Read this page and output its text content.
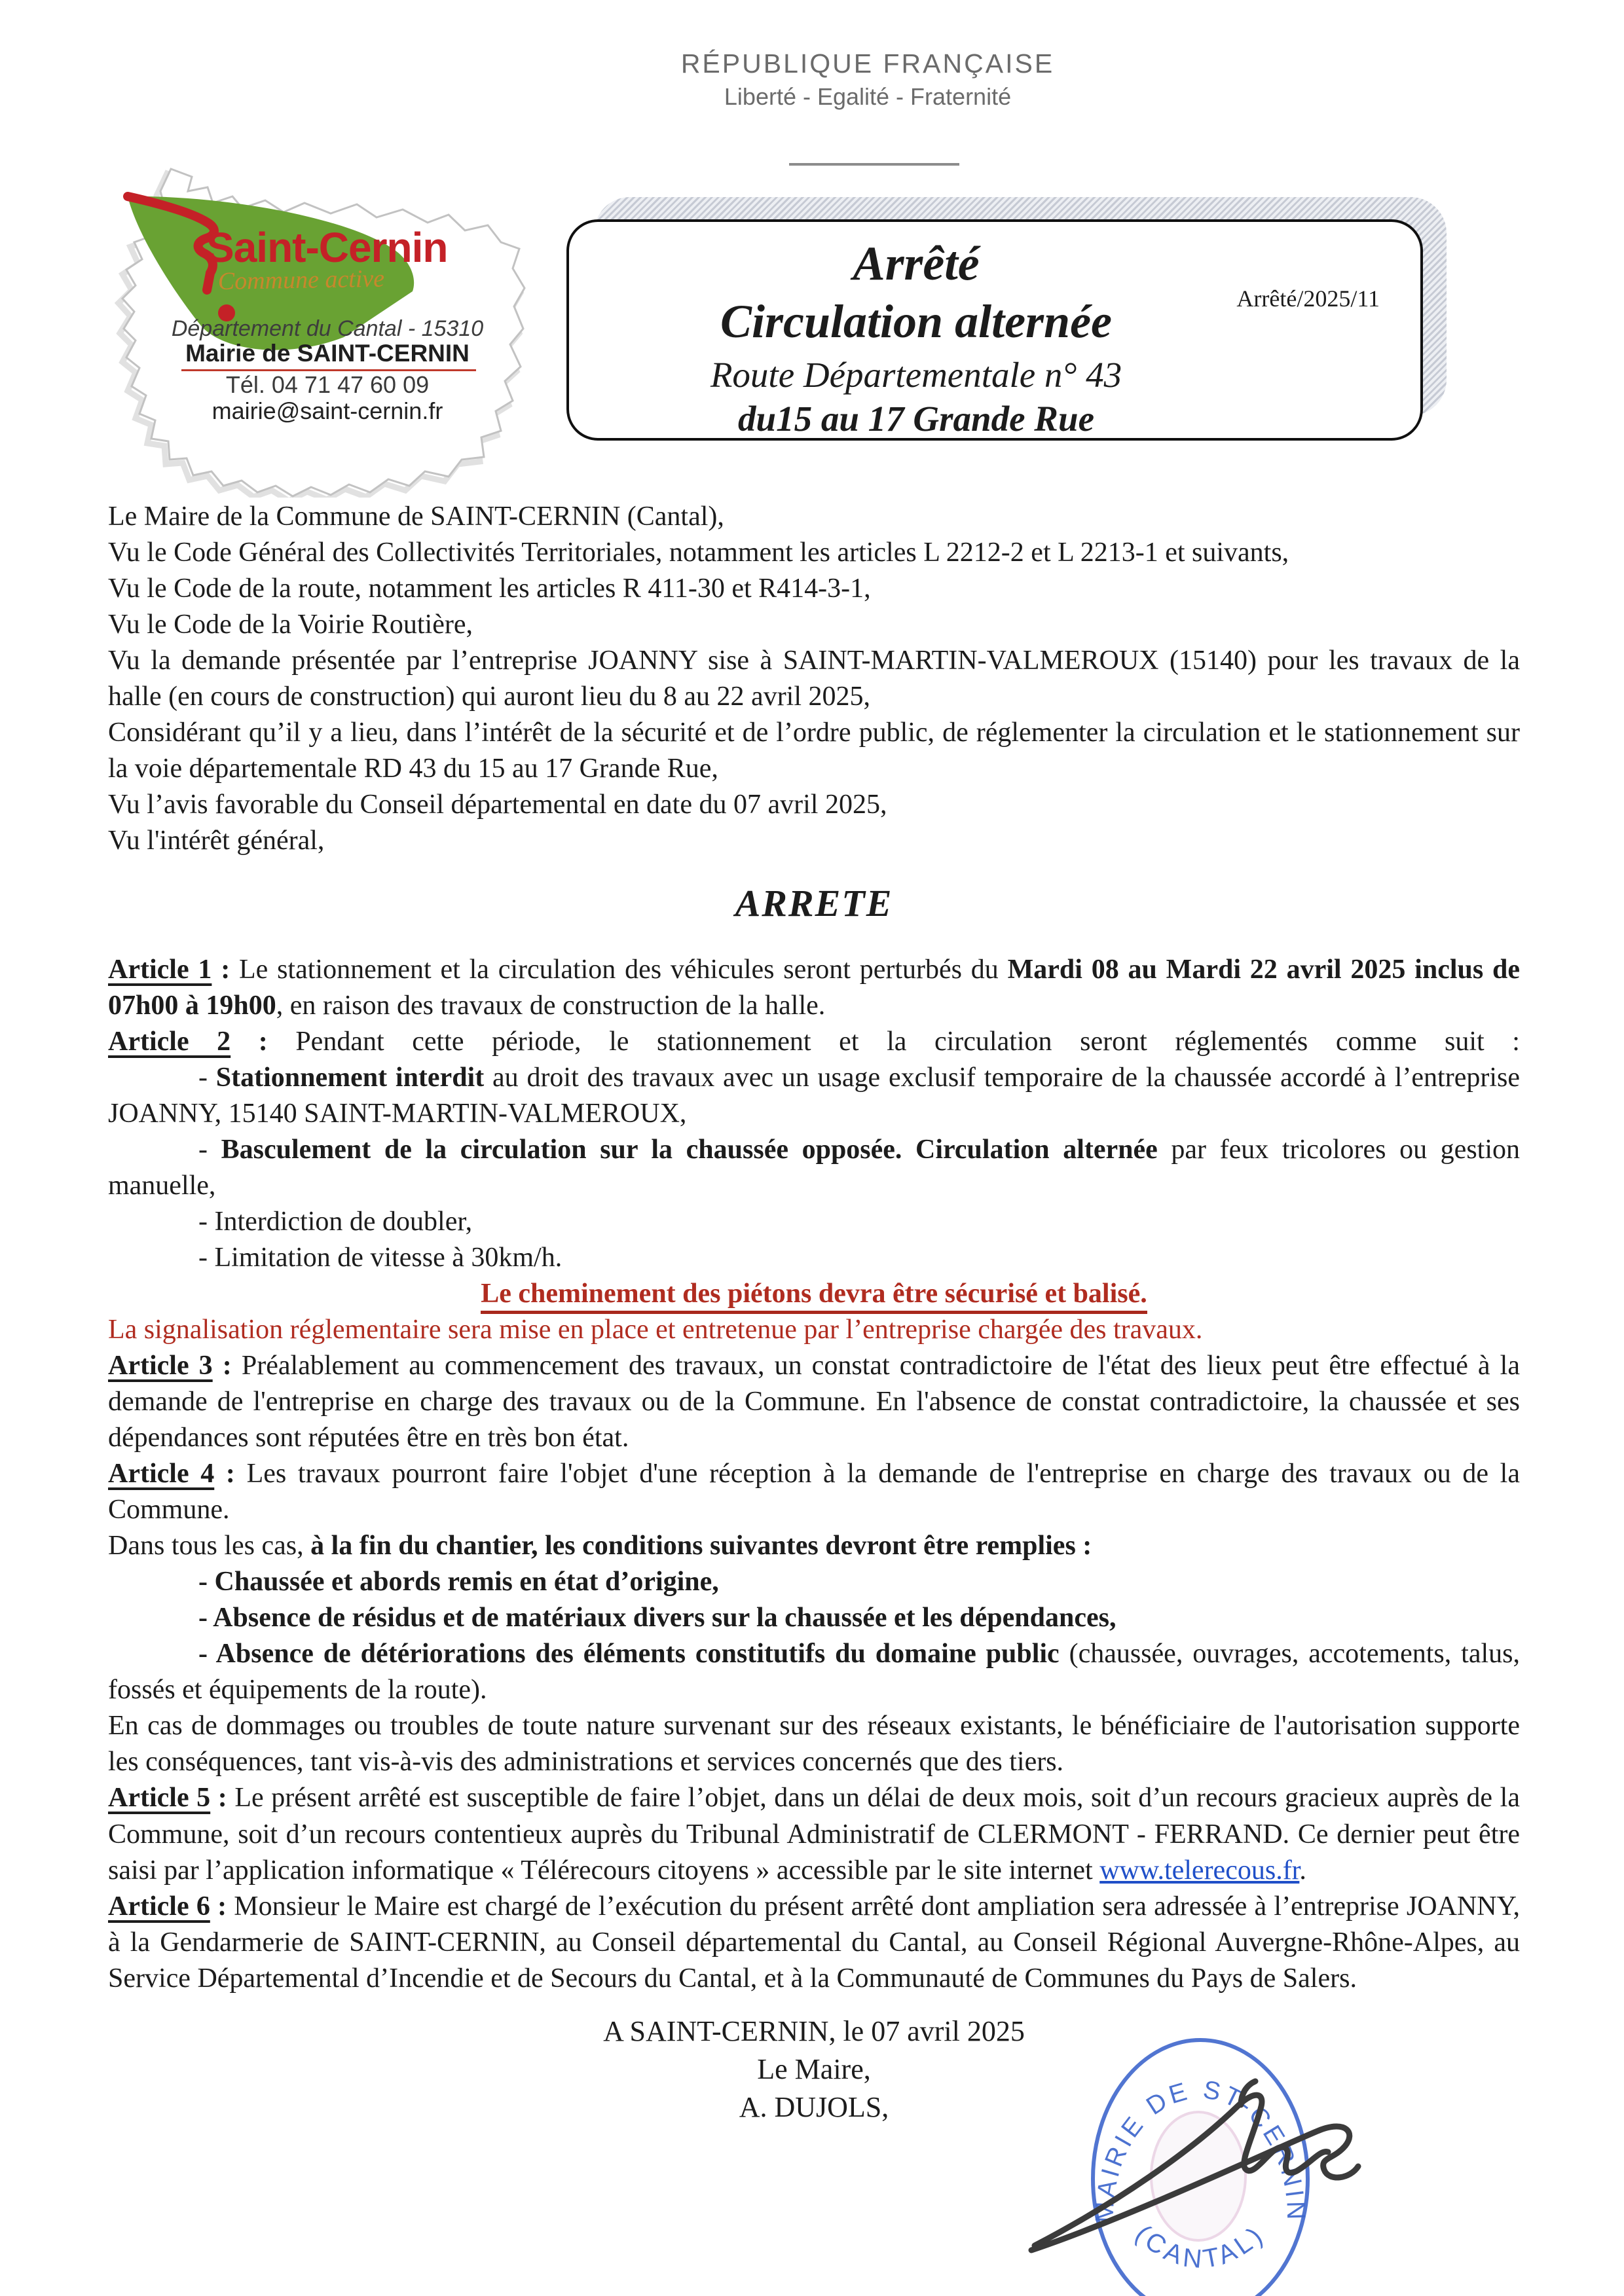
RÉPUBLIQUE FRANÇAISE
Liberté - Egalité - Fraternité
Saint-Cernin
Commune active
Département du Cantal - 15310
Mairie de SAINT-CERNIN
Tél. 04 71 47 60 09
mairie@saint-cernin.fr
Arrêté
Circulation alternée
Route Départementale n° 43
du15 au 17 Grande Rue
Arrêté/2025/11

Le Maire de la Commune de SAINT-CERNIN (Cantal),

Vu le Code Général des Collectivités Territoriales, notamment les articles L 2212-2 et L 2213-1 et suivants,

Vu le Code de la route, notamment les articles R 411-30 et R414-3-1,

Vu le Code de la Voirie Routière,

Vu la demande présentée par l’entreprise JOANNY sise à SAINT-MARTIN-VALMEROUX (15140) pour les travaux de la halle (en cours de construction) qui auront lieu du 8 au 22 avril 2025,

Considérant qu’il y a lieu, dans l’intérêt de la sécurité et de l’ordre public, de réglementer la circulation et le stationnement sur la voie départementale RD 43 du 15 au 17 Grande Rue,

Vu l’avis favorable du Conseil départemental en date du 07 avril 2025,

Vu l'intérêt général,

ARRETE

Article 1 : Le stationnement et la circulation des véhicules seront perturbés du Mardi 08 au Mardi 22 avril 2025 inclus de 07h00 à 19h00, en raison des travaux de construction de la halle.

Article 2 : Pendant cette période, le stationnement et la circulation seront réglementés comme suit :

- Stationnement interdit au droit des travaux avec un usage exclusif temporaire de la chaussée accordé à l’entreprise JOANNY, 15140 SAINT-MARTIN-VALMEROUX,

- Basculement de la circulation sur la chaussée opposée. Circulation alternée par feux tricolores ou gestion manuelle,

- Interdiction de doubler,

- Limitation de vitesse à 30km/h.

Le cheminement des piétons devra être sécurisé et balisé.

La signalisation réglementaire sera mise en place et entretenue par l’entreprise chargée des travaux.

Article 3 : Préalablement au commencement des travaux, un constat contradictoire de l'état des lieux peut être effectué à la demande de l'entreprise en charge des travaux ou de la Commune. En l'absence de constat contradictoire, la chaussée et ses dépendances sont réputées être en très bon état.

Article 4 : Les travaux pourront faire l'objet d'une réception à la demande de l'entreprise en charge des travaux ou de la Commune.

Dans tous les cas, à la fin du chantier, les conditions suivantes devront être remplies :

- Chaussée et abords remis en état d’origine,

- Absence de résidus et de matériaux divers sur la chaussée et les dépendances,

- Absence de détériorations des éléments constitutifs du domaine public (chaussée, ouvrages, accotements, talus, fossés et équipements de la route).

En cas de dommages ou troubles de toute nature survenant sur des réseaux existants, le bénéficiaire de l'autorisation supporte les conséquences, tant vis-à-vis des administrations et services concernés que des tiers.

Article 5 : Le présent arrêté est susceptible de faire l’objet, dans un délai de deux mois, soit d’un recours gracieux auprès de la Commune, soit d’un recours contentieux auprès du Tribunal Administratif de CLERMONT - FERRAND. Ce dernier peut être saisi par l’application informatique « Télérecours citoyens » accessible par le site internet www.telerecous.fr.

Article 6 : Monsieur le Maire est chargé de l’exécution du présent arrêté dont ampliation sera adressée à l’entreprise JOANNY, à la Gendarmerie de SAINT-CERNIN, au Conseil départemental du Cantal, au Conseil Régional Auvergne-Rhône-Alpes, au Service Départemental d’Incendie et de Secours du Cantal, et à la Communauté de Communes du Pays de Salers.

A SAINT-CERNIN, le 07 avril 2025
Le Maire,
A. DUJOLS,
MAIRIE DE ST-CERNIN
(CANTAL)
